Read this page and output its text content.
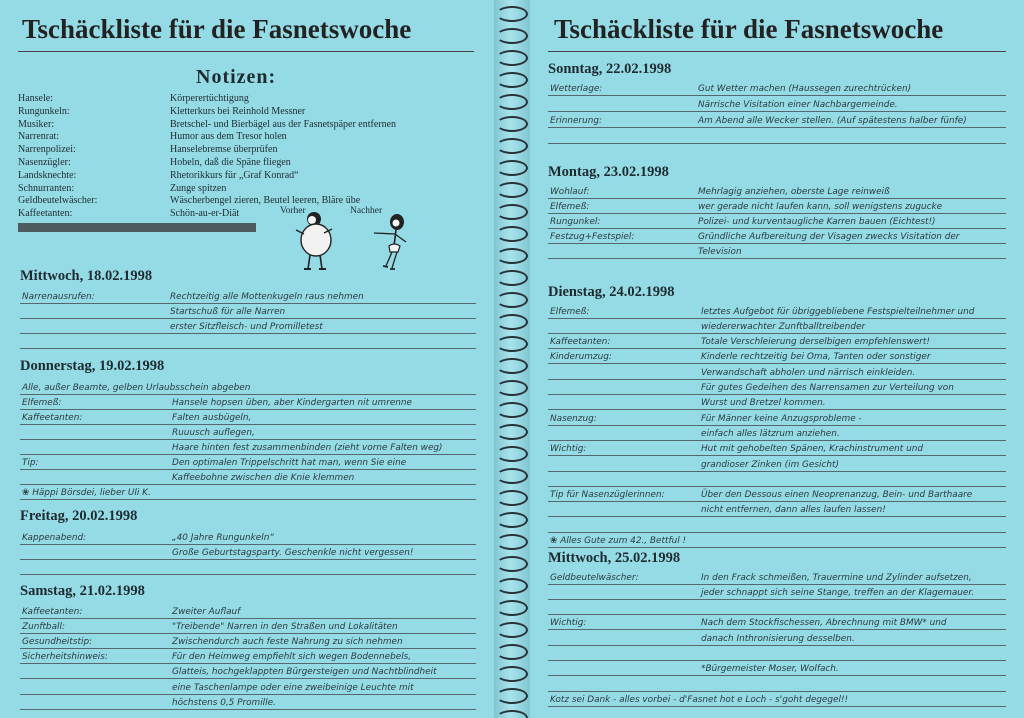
Tschäckliste für die Fasnetswoche
Notizen:
Hansele:	Körperertüchtigung
Rungunkeln:	Kletterkurs bei Reinhold Messner
Musiker:	Bretschel- und Bierbägel aus der Fasnetspäper entfernen
Narrenrat:	Humor aus dem Tresor holen
Narrenpolizei:	Hanselebremse überprüfen
Nasenzügler:	Hobeln, daß die Späne fliegen
Landsknechte:	Rhetorikkurs für „Graf Konrad“
Schnurranten:	Zunge spitzen
Geldbeutelwäscher:	Wäscherbengel zieren, Beutel leeren, Bläre übe
Kaffeetanten:	Schön-au-er-Diät	Vorher	Nachher
Mittwoch, 18.02.1998
Narrenausrufen:	Rechtzeitig alle Mottenkugeln raus nehmen
Startschuß für alle Narren
erster Sitzfleisch- und Promilletest
Donnerstag, 19.02.1998
Alle, außer Beamte, gelben Urlaubsschein abgeben
Elfemeß:	Hansele hopsen üben, aber Kindergarten nit umrenne
Kaffeetanten:	Falten ausbügeln,
Ruuusch auflegen,
Haare hinten fest zusammenbinden (zieht vorne Falten weg)
Tip:	Den optimalen Trippelschritt hat man, wenn Sie eine
Kaffeebohne zwischen die Knie klemmen
❀ Häppi Börsdei, lieber Uli K.
Freitag, 20.02.1998
Kappenabend:	„40 Jahre Rungunkeln“
Große Geburtstagsparty. Geschenkle nicht vergessen!
Samstag, 21.02.1998
Kaffeetanten:	Zweiter Auflauf
Zunftball:	"Treibende" Narren in den Straßen und Lokalitäten
Gesundheitstip:	Zwischendurch auch feste Nahrung zu sich nehmen
Sicherheitshinweis:	Für den Heimweg empfiehlt sich wegen Bodennebels,
Glatteis, hochgeklappten Bürgersteigen und Nachtblindheit
eine Taschenlampe oder eine zweibeinige Leuchte mit
höchstens 0,5 Promille.
Tschäckliste für die Fasnetswoche
Sonntag, 22.02.1998
Wetterlage:	Gut Wetter machen (Haussegen zurechtrücken)
Närrische Visitation einer Nachbargemeinde.
Erinnerung:	Am Abend alle Wecker stellen. (Auf spätestens halber fünfe)
Montag, 23.02.1998
Wohlauf:	Mehrlagig anziehen, oberste Lage reinweiß
Elfemeß:	wer gerade nicht laufen kann, soll wenigstens zugucke
Rungunkel:	Polizei- und kurventaugliche Karren bauen (Eichtest!)
Festzug+Festspiel:	Gründliche Aufbereitung der Visagen zwecks Visitation der
Television
Dienstag, 24.02.1998
Elfemeß:	letztes Aufgebot für übriggebliebene Festspielteilnehmer und
wiedererwachter Zunftballtreibender
Kaffeetanten:	Totale Verschleierung derselbigen empfehlenswert!
Kinderumzug:	Kinderle rechtzeitig bei Oma, Tanten oder sonstiger
Verwandschaft abholen und närrisch einkleiden.
Für gutes Gedeihen des Narrensamen zur Verteilung von
Wurst und Bretzel kommen.
Nasenzug:	Für Männer keine Anzugsprobleme -
einfach alles lätzrum anziehen.
Wichtig:	Hut mit gehobelten Spänen, Krachinstrument und
grandioser Zinken (im Gesicht)
Tip für Nasenzüglerinnen:	Über den Dessous einen Neoprenanzug, Bein- und Barthaare
nicht entfernen, dann alles laufen lassen!
❀ Alles Gute zum 42., Bettful !
Mittwoch, 25.02.1998
Geldbeutelwäscher:	In den Frack schmeißen, Trauermine und Zylinder aufsetzen,
jeder schnappt sich seine Stange, treffen an der Klagemauer.
Wichtig:	Nach dem Stockfischessen, Abrechnung mit BMW* und
danach Inthronisierung desselben.
*Bürgemeister Moser, Wolfach.
Kotz sei Dank - alles vorbei - d'Fasnet hot e Loch - s'goht degegel!!
